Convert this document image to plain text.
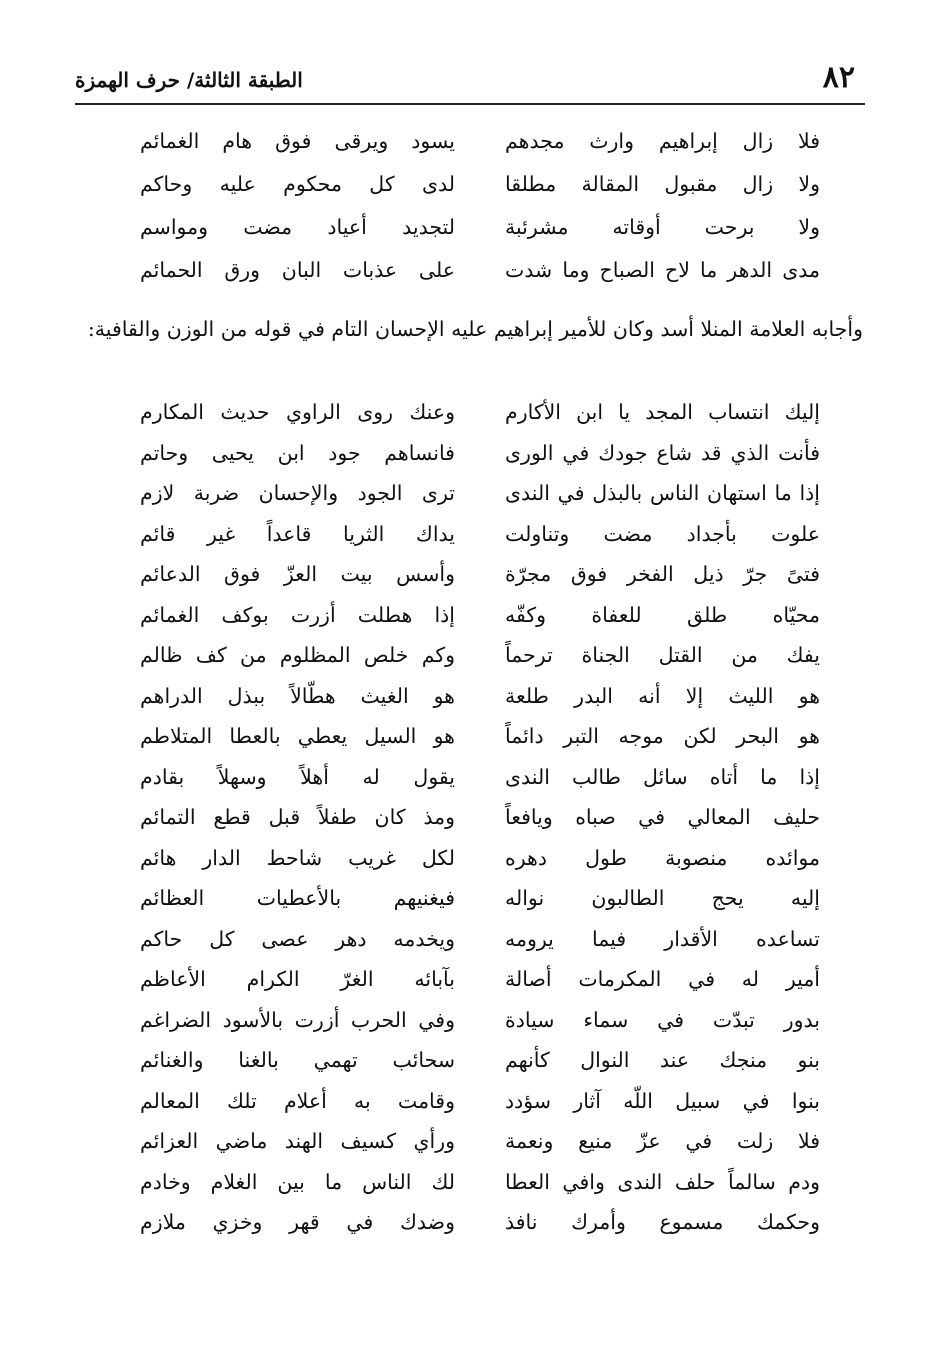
٨٢
الطبقة الثالثة/ حرف الهمزة
فلا زال إبراهيم وارث مجدهم
يسود ويرقى فوق هام الغمائم
ولا زال مقبول المقالة مطلقا
لدى كل محكوم عليه وحاكم
ولا برحت أوقاته مشرئبة
لتجديد أعياد مضت ومواسم
مدى الدهر ما لاح الصباح وما شدت
على عذبات البان ورق الحمائم
وأجابه العلامة المنلا أسد وكان للأمير إبراهيم عليه الإحسان التام في قوله من الوزن والقافية:
إليك انتساب المجد يا ابن الأكارم
وعنك روى الراوي حديث المكارم
فأنت الذي قد شاع جودك في الورى
فانساهم جود ابن يحيى وحاتم
إذا ما استهان الناس بالبذل في الندى
ترى الجود والإحسان ضربة لازم
علوت بأجداد مضت وتناولت
يداك الثريا قاعداً غير قائم
فتىً جرّ ذيل الفخر فوق مجرّة
وأسس بيت العزّ فوق الدعائم
محيّاه طلق للعفاة وكفّه
إذا هطلت أزرت بوكف الغمائم
يفك من القتل الجناة ترحماً
وكم خلص المظلوم من كف ظالم
هو الليث إلا أنه البدر طلعة
هو الغيث هطّالاً ببذل الدراهم
هو البحر لكن موجه التبر دائماً
هو السيل يعطي بالعطا المتلاطم
إذا ما أتاه سائل طالب الندى
يقول له أهلاً وسهلاً بقادم
حليف المعالي في صباه ويافعاً
ومذ كان طفلاً قبل قطع التمائم
موائده منصوبة طول دهره
لكل غريب شاحط الدار هائم
إليه يحج الطالبون نواله
فيغنيهم بالأعطيات العظائم
تساعده الأقدار فيما يرومه
ويخدمه دهر عصى كل حاكم
أمير له في المكرمات أصالة
بآبائه الغرّ الكرام الأعاظم
بدور تبدّت في سماء سيادة
وفي الحرب أزرت بالأسود الضراغم
بنو منجك عند النوال كأنهم
سحائب تهمي بالغنا والغنائم
بنوا في سبيل اللّه آثار سؤدد
وقامت به أعلام تلك المعالم
فلا زلت في عزّ منيع ونعمة
ورأي كسيف الهند ماضي العزائم
ودم سالماً حلف الندى وافي العطا
لك الناس ما بين الغلام وخادم
وحكمك مسموع وأمرك نافذ
وضدك في قهر وخزي ملازم
